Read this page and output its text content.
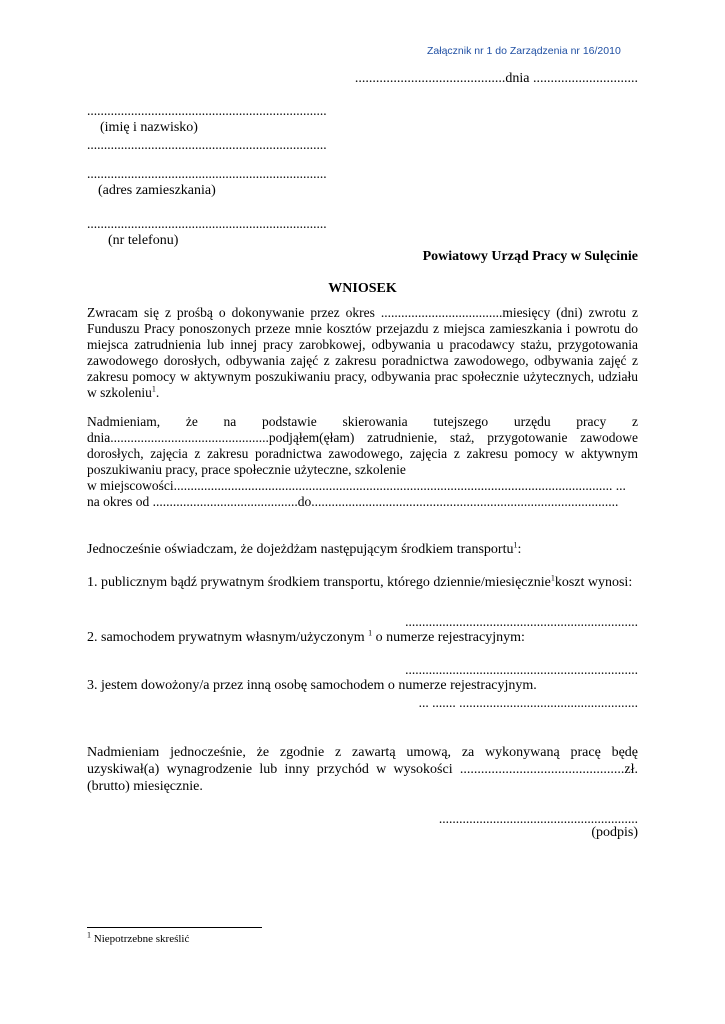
Załącznik nr 1 do Zarządzenia nr 16/2010
...........................................dnia ..............................
.......................................................................
(imię i nazwisko)
.......................................................................
.......................................................................
(adres zamieszkania)
.......................................................................
(nr telefonu)
Powiatowy Urząd Pracy w Sulęcinie
WNIOSEK
Zwracam się z prośbą o dokonywanie przez okres ....................................miesięcy (dni) zwrotu z Funduszu Pracy ponoszonych przeze mnie kosztów przejazdu z miejsca zamieszkania i powrotu do miejsca zatrudnienia lub innej pracy zarobkowej, odbywania u pracodawcy stażu, przygotowania zawodowego dorosłych, odbywania zajęć z zakresu poradnictwa zawodowego, odbywania zajęć z zakresu pomocy w aktywnym poszukiwaniu pracy, odbywania prac społecznie użytecznych, udziału w szkoleniu$^1$.
Nadmieniam, że na podstawie skierowania tutejszego urzędu pracy z dnia...............................................podjąłem(ęłam) zatrudnienie, staż, przygotowanie zawodowe dorosłych, zajęcia z zakresu poradnictwa zawodowego, zajęcia z zakresu pomocy w aktywnym poszukiwaniu pracy, prace społecznie użyteczne, szkolenie
w miejscowości.................................................................................................................................. ...
na okres od ...........................................do...........................................................................................
Jednocześnie oświadczam, że dojeżdżam następującym środkiem transportu$^1$:
1. publicznym bądź prywatnym środkiem transportu, którego dziennie/miesięcznie$^1$koszt wynosi:
.....................................................................
2. samochodem prywatnym własnym/użyczonym $^1$ o numerze rejestracyjnym:
.....................................................................
3. jestem dowożony/a przez inną osobę samochodem o numerze rejestracyjnym.
... ....... .....................................................
Nadmieniam jednocześnie, że zgodnie z zawartą umową, za wykonywaną pracę będę uzyskiwał(a) wynagrodzenie lub inny przychód w wysokości ...............................................zł. (brutto) miesięcznie.
...........................................................
(podpis)
$^1$ Niepotrzebne skreślić
